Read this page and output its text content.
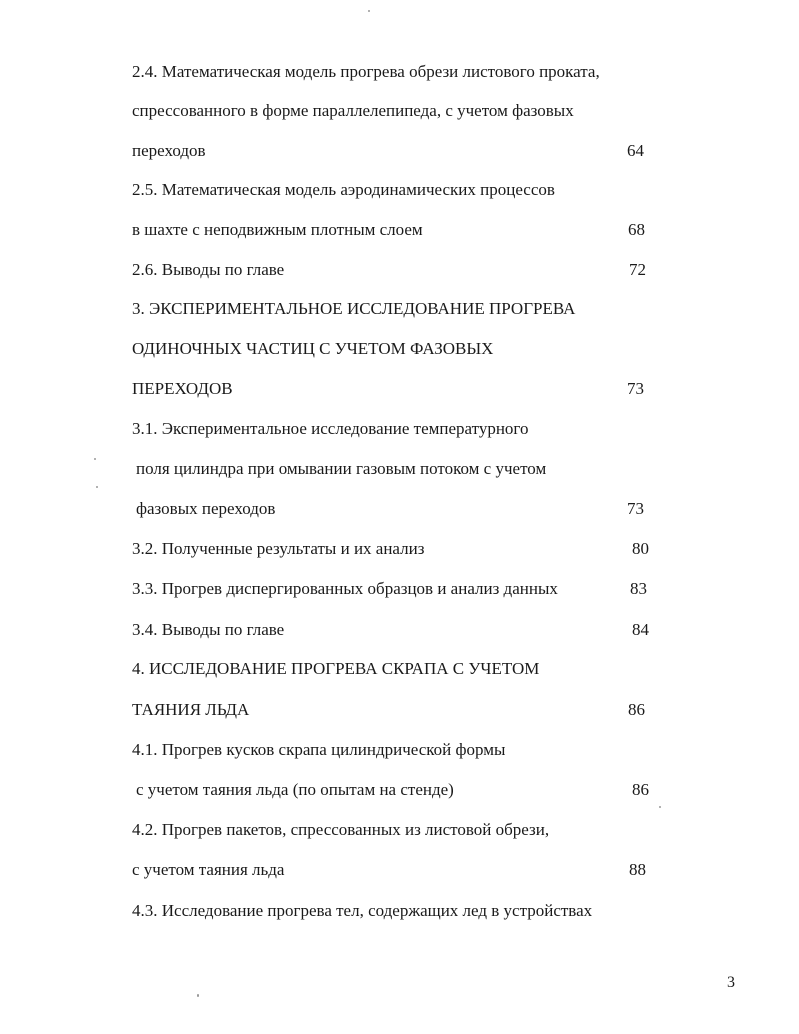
2.4. Математическая модель прогрева обрези листового проката,
спрессованного в форме параллелепипеда, с учетом фазовых
переходов	64
2.5. Математическая модель аэродинамических процессов
в шахте с неподвижным плотным слоем	68
2.6. Выводы по главе	72
3. ЭКСПЕРИМЕНТАЛЬНОЕ ИССЛЕДОВАНИЕ ПРОГРЕВА
ОДИНОЧНЫХ ЧАСТИЦ С УЧЕТОМ ФАЗОВЫХ
ПЕРЕХОДОВ	73
3.1. Экспериментальное исследование температурного
поля цилиндра при омывании газовым потоком с учетом
фазовых переходов	73
3.2. Полученные результаты и их анализ	80
3.3. Прогрев диспергированных образцов и анализ данных	83
3.4. Выводы по главе	84
4. ИССЛЕДОВАНИЕ ПРОГРЕВА СКРАПА С УЧЕТОМ
ТАЯНИЯ ЛЬДА	86
4.1. Прогрев кусков скрапа цилиндрической формы
с учетом таяния льда (по опытам на стенде)	86
4.2. Прогрев пакетов, спрессованных из листовой обрези,
с учетом таяния льда	88
4.3. Исследование прогрева тел, содержащих лед в устройствах
3
